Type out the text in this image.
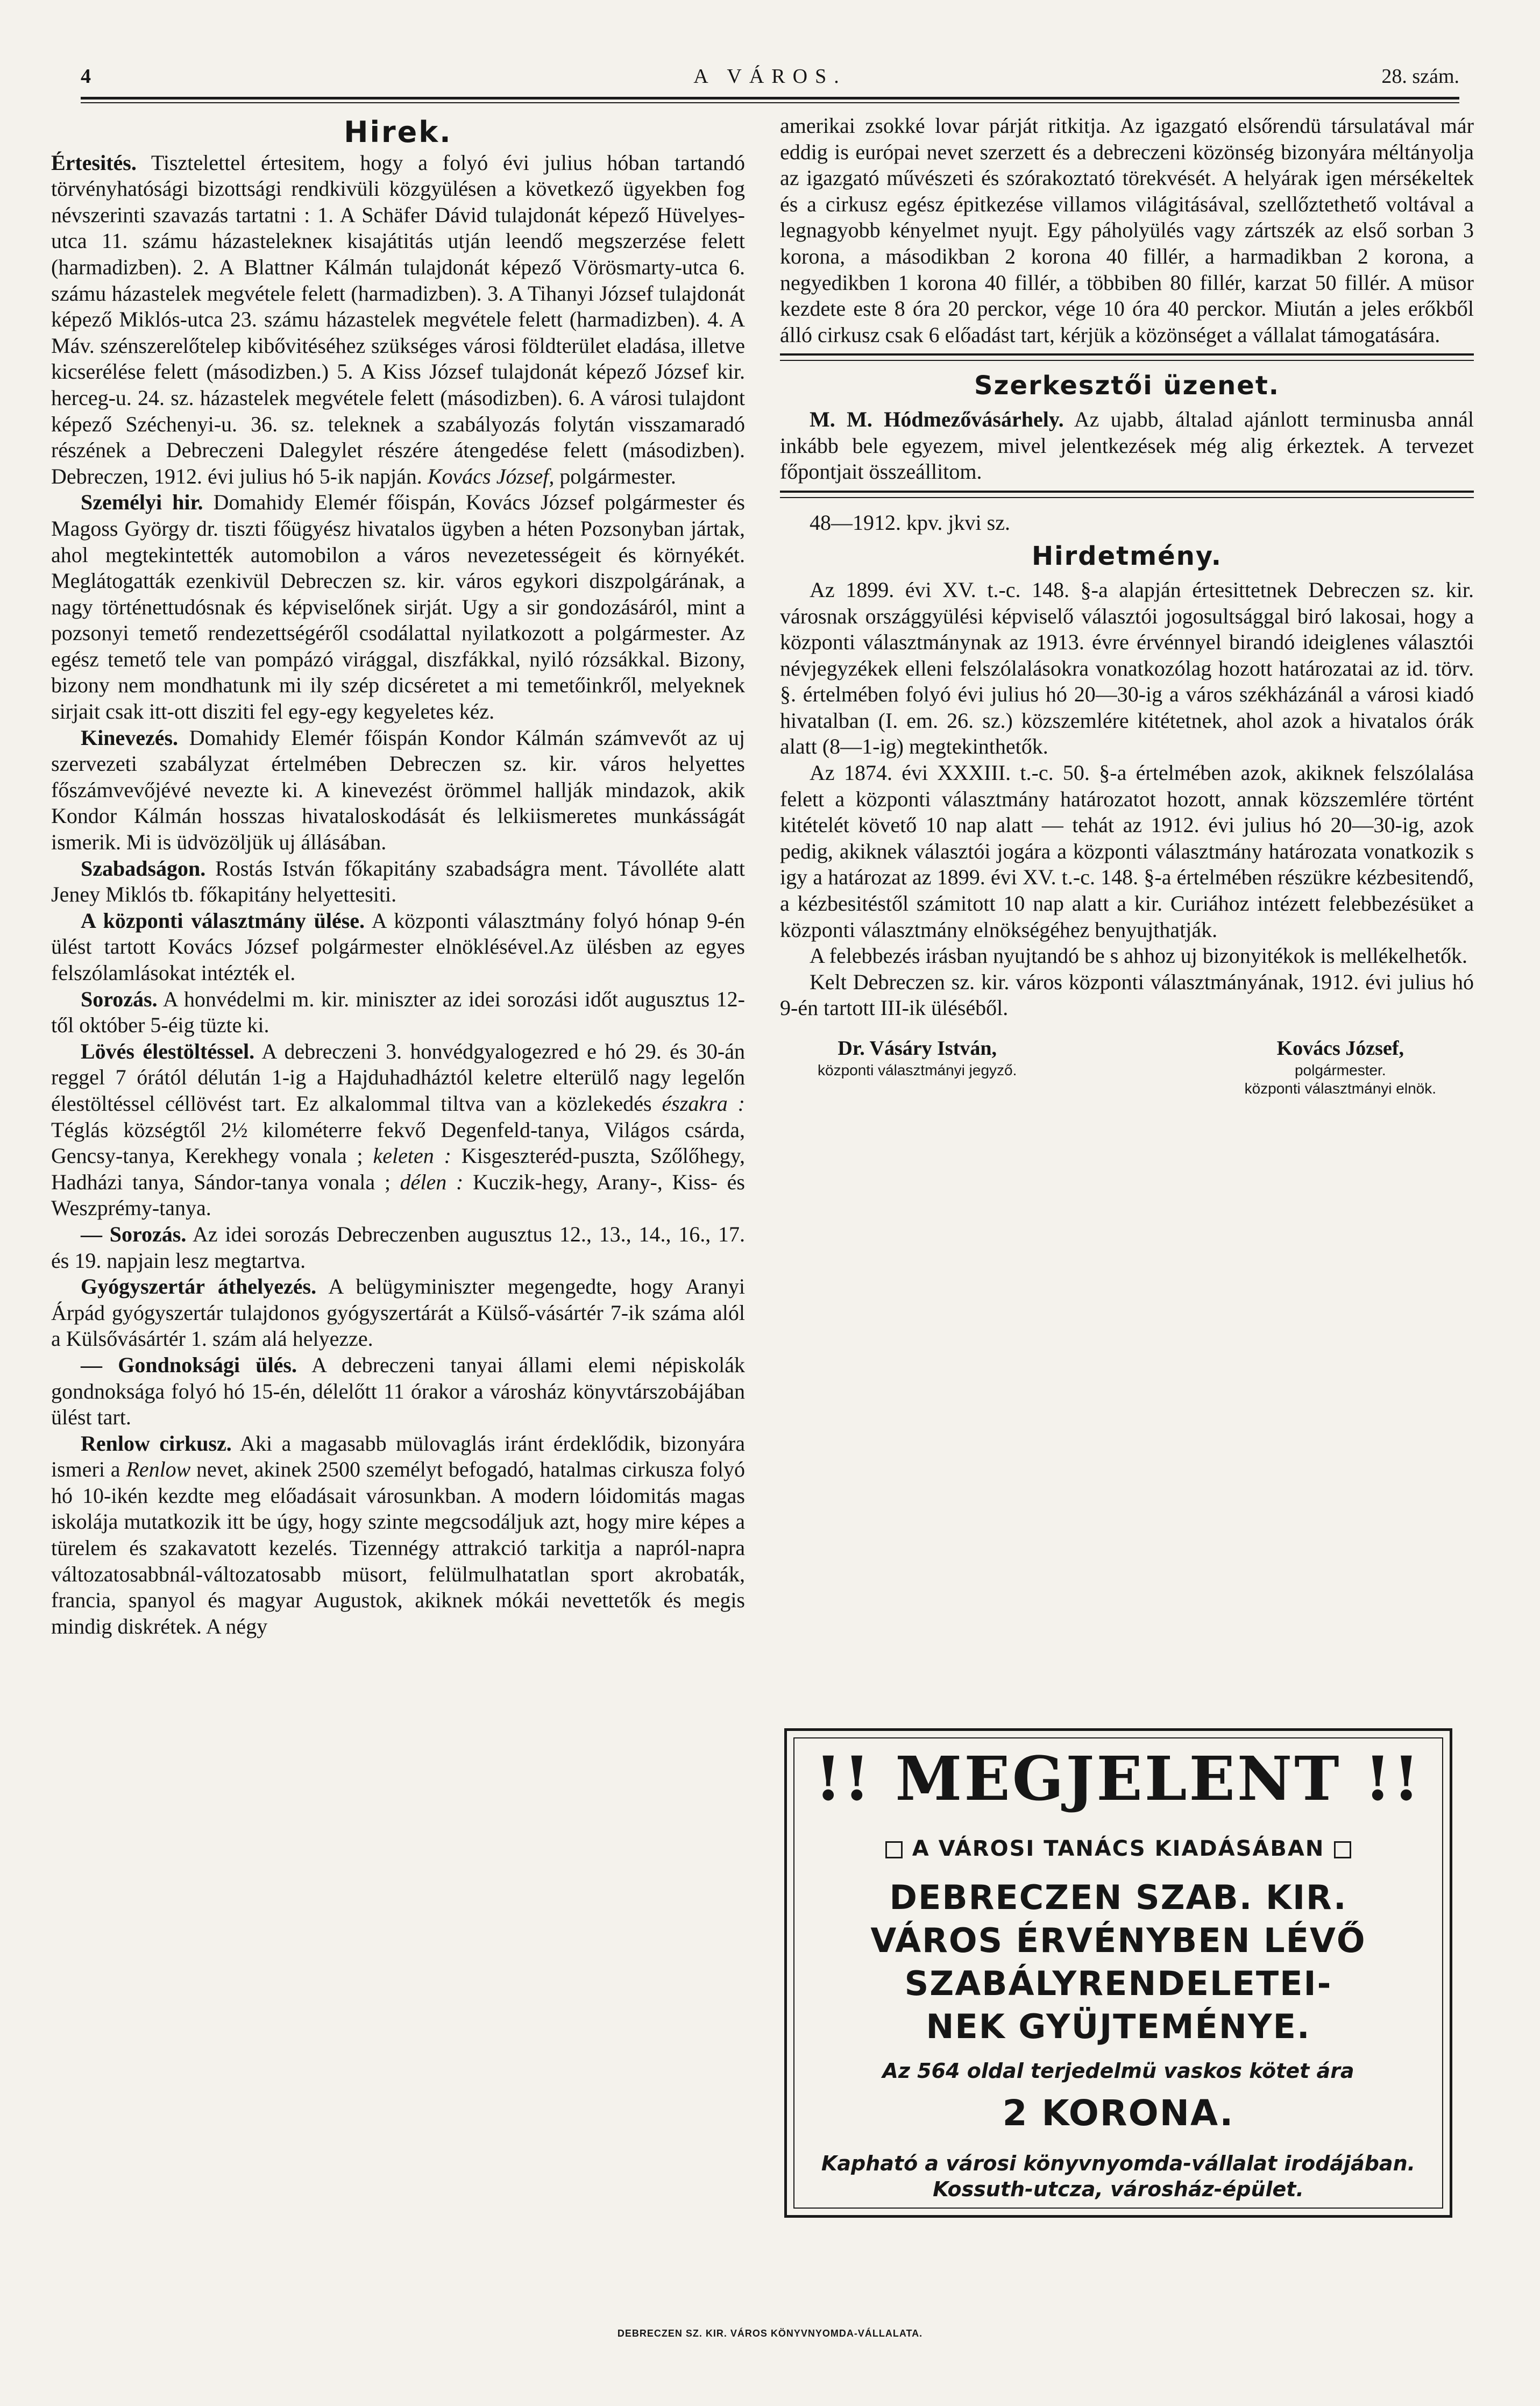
4	A VÁROS.	28. szám.
Hirek.

Értesités. Tisztelettel értesitem, hogy a folyó évi julius hóban tartandó törvényhatósági bizottsági rendkivüli közgyülésen a következő ügyekben fog névszerinti szavazás tartatni : 1. A Schäfer Dávid tulajdonát képező Hüvelyes-utca 11. számu házastelekneк kisajátitás utján leendő megszerzése felett (harmadizben). 2. A Blattner Kálmán tulajdonát képező Vörösmarty-utca 6. számu házastelek megvétele felett (harmadizben). 3. A Tihanyi József tulajdonát képező Miklós-utca 23. számu házastelek megvétele felett (harmadizben). 4. A Máv. szénszerelőtelep kibővitéséhez szükséges városi földterület eladása, illetve kicserélése felett (másodizben.) 5. A Kiss József tulajdonát képező József kir. herceg-u. 24. sz. házastelek megvétele felett (másodizben). 6. A városi tulajdont képező Széchenyi-u. 36. sz. teleknek a szabályozás folytán visszamaradó részének a Debreczeni Dalegylet részére átengedése felett (másodizben). Debreczen, 1912. évi julius hó 5-ik napján. Kovács József, polgármester.

Személyi hir. Domahidy Elemér főispán, Kovács József polgármester és Magoss György dr. tiszti főügyész hivatalos ügyben a héten Pozsonyban jártak, ahol megtekintették automobilon a város nevezetességeit és környékét. Meglátogatták ezenkivül Debreczen sz. kir. város egykori diszpolgárának, a nagy történettudósnak és képviselőnek sirját. Ugy a sir gondozásáról, mint a pozsonyi temető rendezettségéről csodálattal nyilatkozott a polgármester. Az egész temető tele van pompázó virággal, diszfákkal, nyiló rózsákkal. Bizony, bizony nem mondhatunk mi ily szép dicséretet a mi temetőinkről, melyeknek sirjait csak itt-ott disziti fel egy-egy kegyeletes kéz.

Kinevezés. Domahidy Elemér főispán Kondor Kálmán számvevőt az uj szervezeti szabályzat értelmében Debreczen sz. kir. város helyettes főszámvevőjévé nevezte ki. A kinevezést örömmel hallják mindazok, akik Kondor Kálmán hosszas hivataloskodását és lelkiismeretes munkásságát ismerik. Mi is üdvözöljük uj állásában.

Szabadságon. Rostás István főkapitány szabadságra ment. Távolléte alatt Jeney Miklós tb. főkapitány helyettesiti.

A központi választmány ülése. A központi választmány folyó hónap 9-én ülést tartott Kovács József polgármester elnöklésével.Az ülésben az egyes felszólamlásokat intézték el.

Sorozás. A honvédelmi m. kir. miniszter az idei sorozási időt augusztus 12-től október 5-éig tüzte ki.

Lövés élestöltéssel. A debreczeni 3. honvédgyalogezred e hó 29. és 30-án reggel 7 órától délután 1-ig a Hajduhadháztól keletre elterülő nagy legelőn élestöltéssel céllövést tart. Ez alkalommal tiltva van a közlekedés északra : Téglás községtől 2½ kilométerre fekvő Degenfeld-tanya, Világos csárda, Gencsy-tanya, Kerekhegy vonala ; keleten : Kisgeszteréd-puszta, Szőlőhegy, Hadházi tanya, Sándor-tanya vonala ; délen : Kuczik-hegy, Arany-, Kiss- és Weszprémy-tanya.

— Sorozás. Az idei sorozás Debreczenben augusztus 12., 13., 14., 16., 17. és 19. napjain lesz megtartva.

Gyógyszertár áthelyezés. A belügyminiszter megengedte, hogy Aranyi Árpád gyógyszertár tulajdonos gyógyszertárát a Külső-vásártér 7-ik száma alól a Külsővásártér 1. szám alá helyezze.

— Gondnoksági ülés. A debreczeni tanyai állami elemi népiskolák gondnoksága folyó hó 15-én, délelőtt 11 órakor a városház könyvtárszobájában ülést tart.

Renlow cirkusz. Aki a magasabb mülovaglás iránt érdeklődik, bizonyára ismeri a Renlow nevet, akinek 2500 személyt befogadó, hatalmas cirkusza folyó hó 10-ikén kezdte meg előadásait városunkban. A modern lóidomitás magas iskolája mutatkozik itt be úgy, hogy szinte megcsodáljuk azt, hogy mire képes a türelem és szakavatott kezelés. Tizennégy attrakció tarkitja a napról-napra változatosabbnál-változatosabb müsort, felülmulhatatlan sport akrobaták, francia, spanyol és magyar Augustok, akiknek mókái nevettetők és megis mindig diskrétek. A négy

amerikai zsokké lovar párját ritkitja. Az igazgató elsőrendü társulatával már eddig is európai nevet szerzett és a debreczeni közönség bizonyára méltányolja az igazgató művészeti és szórakoztató törekvését. A helyárak igen mérsékeltek és a cirkusz egész épitkezése villamos világitásával, szellőztethető voltával a legnagyobb kényelmet nyujt. Egy páholyülés vagy zártszék az első sorban 3 korona, a másodikban 2 korona 40 fillér, a harmadikban 2 korona, a negyedikben 1 korona 40 fillér, a többiben 80 fillér, karzat 50 fillér. A müsor kezdete este 8 óra 20 perckor, vége 10 óra 40 perckor. Miután a jeles erőkből álló cirkusz csak 6 előadást tart, kérjük a közönséget a vállalat támogatására.

Szerkesztői üzenet.

M. M. Hódmezővásárhely. Az ujabb, általad ajánlott terminusba annál inkább bele egyezem, mivel jelentkezések még alig érkeztek. A tervezet főpontjait összeállitom.

48—1912. kpv. jkvi sz.

Hirdetmény.

Az 1899. évi XV. t.-c. 148. §-a alapján értesittetnek Debreczen sz. kir. városnak országgyülési képviselő választói jogosultsággal biró lakosai, hogy a központi választmánynak az 1913. évre érvénnyel birandó ideiglenes választói névjegyzékek elleni felszólalásokra vonatkozólag hozott határozatai az id. törv. §. értelmében folyó évi julius hó 20—30-ig a város székházánál a városi kiadó hivatalban (I. em. 26. sz.) közszemlére kitétetnek, ahol azok a hivatalos órák alatt (8—1-ig) megtekinthetők.

Az 1874. évi XXXIII. t.-c. 50. §-a értelmében azok, akiknek felszólalása felett a központi választmány határozatot hozott, annak közszemlére történt kitételét követő 10 nap alatt — tehát az 1912. évi julius hó 20—30-ig, azok pedig, akiknek választói jogára a központi választmány határozata vonatkozik s igy a határozat az 1899. évi XV. t.-c. 148. §-a értelmében részükre kézbesitendő, a kézbesitéstől számitott 10 nap alatt a kir. Curiához intézett felebbezésüket a központi választmány elnökségéhez benyujthatják.

A felebbezés irásban nyujtandó be s ahhoz uj bizonyitékok is mellékelhetők.

Kelt Debreczen sz. kir. város központi választmányának, 1912. évi julius hó 9-én tartott III-ik üléséből.

Dr. Vásáry István,
központi választmányi jegyző.
Kovács József,
polgármester.
központi választmányi elnök.
!! MEGJELENT !!
A VÁROSI TANÁCS KIADÁSÁBAN
DEBRECZEN SZAB. KIR.
VÁROS ÉRVÉNYBEN LÉVŐ
SZABÁLYRENDELETEI-
NEK GYÜJTEMÉNYE.
Az 564 oldal terjedelmü vaskos kötet ára
2 KORONA.
Kapható a városi könyvnyomda-vállalat irodájában. Kossuth-utcza, városház-épület.
DEBRECZEN SZ. KIR. VÁROS KÖNYVNYOMDA-VÁLLALATA.
